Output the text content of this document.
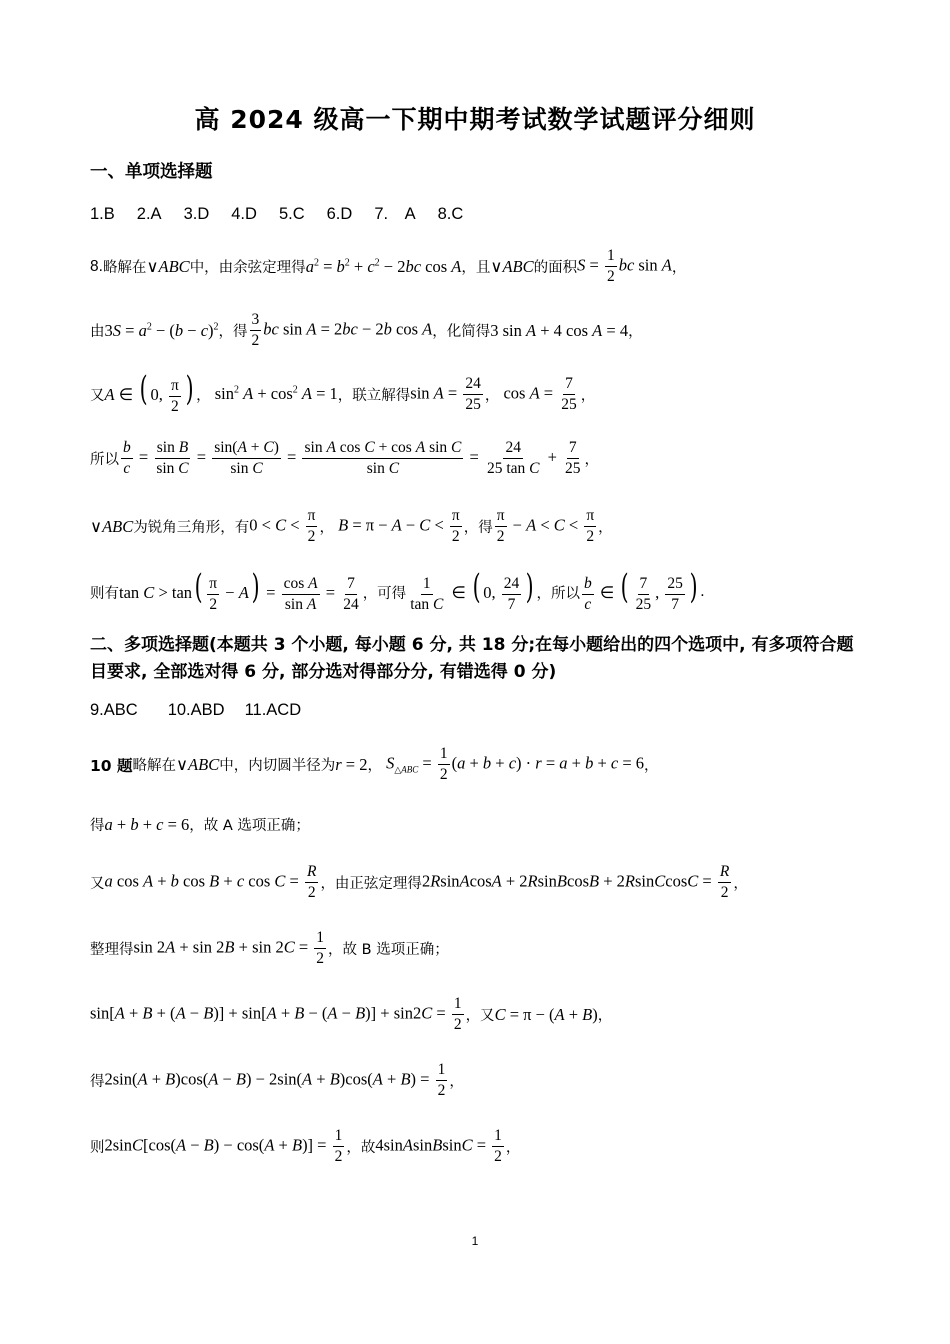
高 2024 级高一下期中期考试数学试题评分细则
一、单项选择题
1.B 2.A 3.D 4.D 5.C 6.D 7.　A 8.C
8. 略解在 ∨ABC 中，由余弦定理得 $a^2 = b^2 + c^2 - 2bc$ cos A ，且 ∨ABC 的面积 $S = \frac{1}{2}$ bc sin A ，
由 $3S = a^2 - (b - c)^2$ ，得 $\frac{3}{2}$ bc sin A = 2bc − 2b cos A ，化简得 3 sin A + 4 cos A = 4 ，
又 A ∈ ( 0, $\frac{\pi}{2}$ ) ， $\sin^2 A + \cos^2 A = 1$ ，联立解得 $\sin A = \frac{24}{25}$ ， $\cos A = \frac{7}{25}$ ，
所以 $\frac{b}{c} = \frac{\text{sin B}}{\text{sin C}} = \frac{\sin(A + C)}{\text{sin C}} = \frac{\text{sin A cos C + cos A sin C}}{\text{sin C}} = \frac{24}{\text{25 tan C}} + \frac{7}{25}$ ，
∨ABC 为锐角三角形，有 $0 < C < \frac{\pi}{2}$ ， $B = \pi - A - C < \frac{\pi}{2}$ ，得 $\frac{\pi}{2} - A < C < \frac{\pi}{2}$ ，
则有 $\tan C > \tan( \frac{\pi}{2} - A) = \frac{\text{cos A}}{\text{sin A}} = \frac{7}{24}$ ，可得 $\frac{1}{\text{tan C}}$ ∈ ( 0, $\frac{24}{7}$ ) ，所以 $\frac{b}{c}$ ∈ ( $\frac{7}{25}$ , $\frac{25}{7}$ ) .
二、多项选择题(本题共 3 个小题, 每小题 6 分, 共 18 分;在每小题给出的四个选项中, 有多项符合题目要求, 全部选对得 6 分, 部分选对得部分分, 有错选得 0 分)
9.ABC 10.ABD 11.ACD
10 题 略解在 ∨ABC 中，内切圆半径为 r = 2 ， $S_{\triangle ABC} = \frac{1}{2} (a + b + c) \cdot r = a + b + c = 6$ ，
得 a + b + c = 6 ，故 A 选项正确；
又 a cos A + b cos B + c $\cos C = \frac{R}{2}$ ，由正弦定理得 2RsinAcosA + 2RsinBcosB + 2RsinCcosC = $\frac{R}{2}$ ，
整理得 $\sin 2A + \sin 2B + \sin 2C = \frac{1}{2}$ ，故 B 选项正确；
$\sin[A + B + (A - B)] + \sin[A + B - (A - B)] + \sin 2C = \frac{1}{2}$ ，又 C = π − (A + B) ，
得 $2\sin(A + B)\cos(A - B) - 2\sin(A + B)\cos(A + B) = \frac{1}{2}$ ，
则 $2\sin C[\cos(A - B) - \cos(A + B)] = \frac{1}{2}$ ，故 4sinAsinBsinC = $\frac{1}{2}$ ，
1
